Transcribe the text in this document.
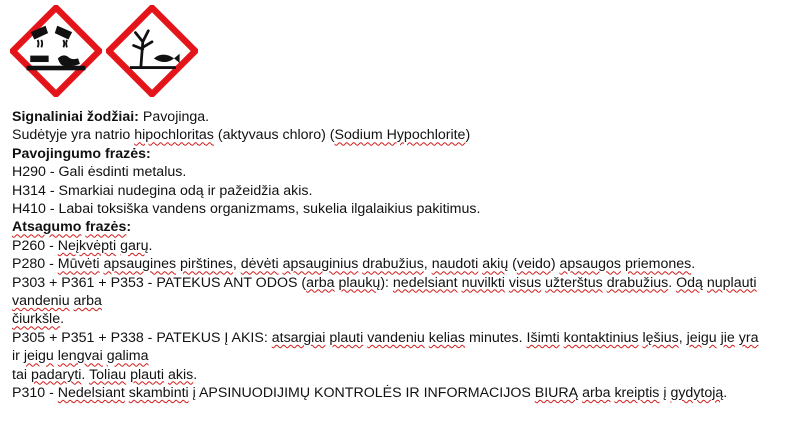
Signaliniai žodžiai: Pavojinga.
Sudėtyje yra natrio hipochloritas (aktyvaus chloro) (Sodium Hypochlorite)
Pavojingumo frazės:
H290 - Gali ėsdinti metalus.
H314 - Smarkiai nudegina odą ir pažeidžia akis.
H410 - Labai toksiška vandens organizmams, sukelia ilgalaikius pakitimus.
Atsagumo frazės:
P260 - Neįkvėpti garų.
P280 - Mūvėti apsaugines pirštines, dėvėti apsauginius drabužius, naudoti akių (veido) apsaugos priemones.
P303 + P361 + P353 - PATEKUS ANT ODOS (arba plaukų): nedelsiant nuvilkti visus užterštus drabužius. Odą nuplauti
vandeniu arba
čiurkšle.
P305 + P351 + P338 - PATEKUS Į AKIS: atsargiai plauti vandeniu kelias minutes. Išimti kontaktinius lęšius, jeigu jie yra
ir jeigu lengvai galima
tai padaryti. Toliau plauti akis.
P310 - Nedelsiant skambinti į APSINUODIJIMŲ KONTROLĖS IR INFORMACIJOS BIURĄ arba kreiptis į gydytoją.
